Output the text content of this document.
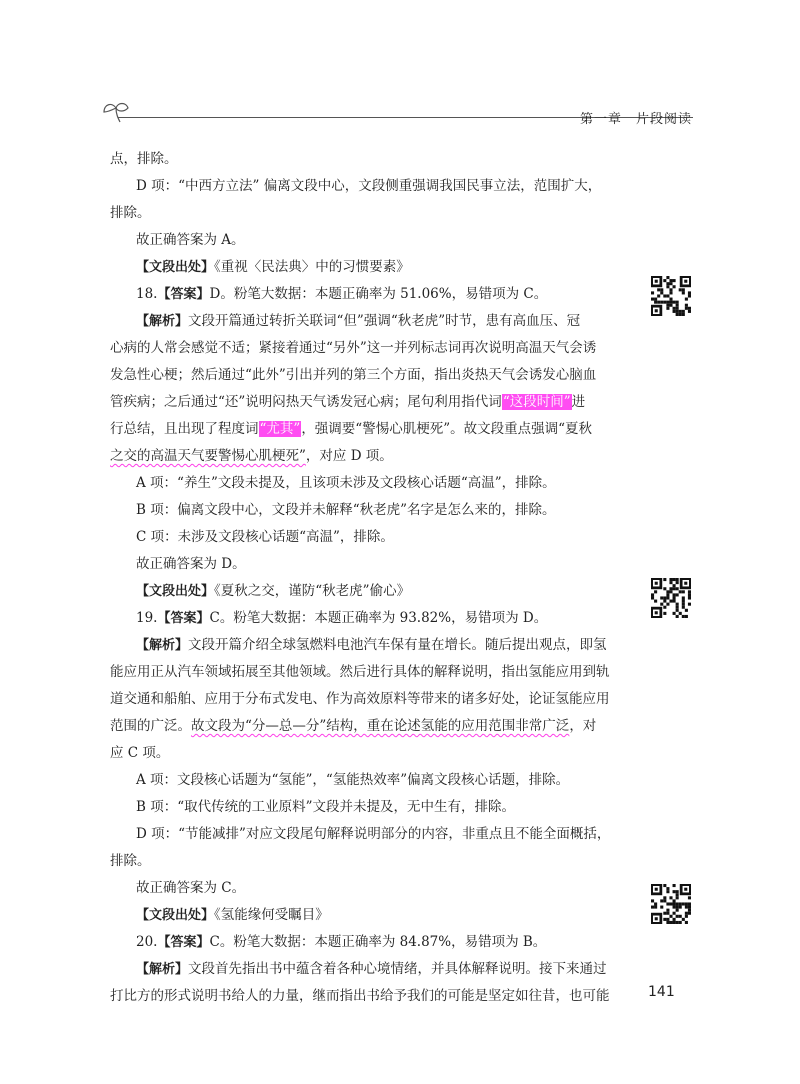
第一章　片段阅读

点，排除。

D 项：“中西方立法” 偏离文段中心，文段侧重强调我国民事立法，范围扩大，

排除。

故正确答案为 A。

【文段出处】《重视〈民法典〉中的习惯要素》

18.【答案】D。粉笔大数据：本题正确率为 51.06%，易错项为 C。

【解析】文段开篇通过转折关联词“但”强调“秋老虎”时节，患有高血压、冠

心病的人常会感觉不适；紧接着通过“另外”这一并列标志词再次说明高温天气会诱

发急性心梗；然后通过“此外”引出并列的第三个方面，指出炎热天气会诱发心脑血

管疾病；之后通过“还”说明闷热天气诱发冠心病；尾句利用指代词“这段时间”进

行总结，且出现了程度词“尤其”，强调要“警惕心肌梗死”。故文段重点强调“夏秋

之交的高温天气要警惕心肌梗死”，对应 D 项。

A 项：“养生”文段未提及，且该项未涉及文段核心话题“高温”，排除。

B 项：偏离文段中心，文段并未解释“秋老虎”名字是怎么来的，排除。

C 项：未涉及文段核心话题“高温”，排除。

故正确答案为 D。

【文段出处】《夏秋之交，谨防“秋老虎”偷心》

19.【答案】C。粉笔大数据：本题正确率为 93.82%，易错项为 D。

【解析】文段开篇介绍全球氢燃料电池汽车保有量在增长。随后提出观点，即氢

能应用正从汽车领域拓展至其他领域。然后进行具体的解释说明，指出氢能应用到轨

道交通和船舶、应用于分布式发电、作为高效原料等带来的诸多好处，论证氢能应用

范围的广泛。故文段为“分—总—分”结构，重在论述氢能的应用范围非常广泛，对

应 C 项。

A 项：文段核心话题为“氢能”，“氢能热效率”偏离文段核心话题，排除。

B 项：“取代传统的工业原料”文段并未提及，无中生有，排除。

D 项：“节能减排”对应文段尾句解释说明部分的内容，非重点且不能全面概括，

排除。

故正确答案为 C。

【文段出处】《氢能缘何受瞩目》

20.【答案】C。粉笔大数据：本题正确率为 84.87%，易错项为 B。

【解析】文段首先指出书中蕴含着各种心境情绪，并具体解释说明。接下来通过

打比方的形式说明书给人的力量，继而指出书给予我们的可能是坚定如往昔，也可能	141
